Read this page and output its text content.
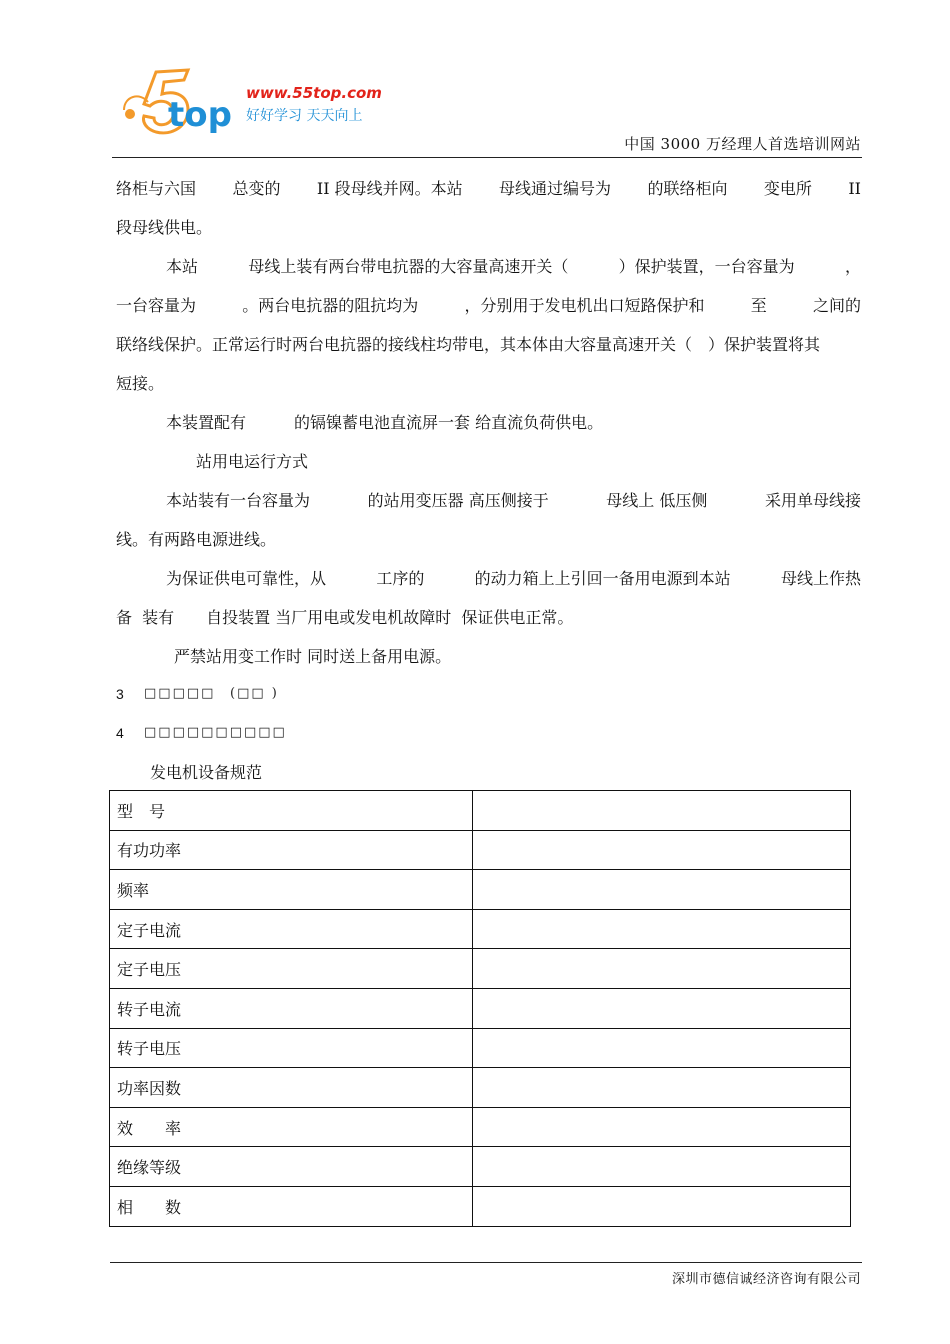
top
www.55top.com
好好学习 天天向上
中国 3000 万经理人首选培训网站
络柜与六国 总变的 II 段母线并网。本站 母线通过编号为 的联络柜向 变电所 II
段母线供电。
本站	母线上装有两台带电抗器的大容量高速开关（	）保护装置，一台容量为	，
一台容量为	。两台电抗器的阻抗均为	，分别用于发电机出口短路保护和	至	之间的
联络线保护。正常运行时两台电抗器的接线柱均带电，其本体由大容量高速开关（　）保护装置将其
短接。
本装置配有　　　的镉镍蓄电池直流屏一套 给直流负荷供电。
站用电运行方式
本站装有一台容量为	的站用变压器 高压侧接于	母线上 低压侧	采用单母线接
线。有两路电源进线。
为保证供电可靠性，从	工序的	的动力箱上上引回一备用电源到本站	母线上作热
备  装有　　自投装置 当厂用电或发电机故障时  保证供电正常。
严禁站用变工作时 同时送上备用电源。
3 □□□□□ (□□ )
4 □□□□□□□□□□
发电机设备规范
型　号	
有功功率	
频率	
定子电流	
定子电压	
转子电流	
转子电压	
功率因数	
效　　率	
绝缘等级	
相　　数	
深圳市德信诚经济咨询有限公司
